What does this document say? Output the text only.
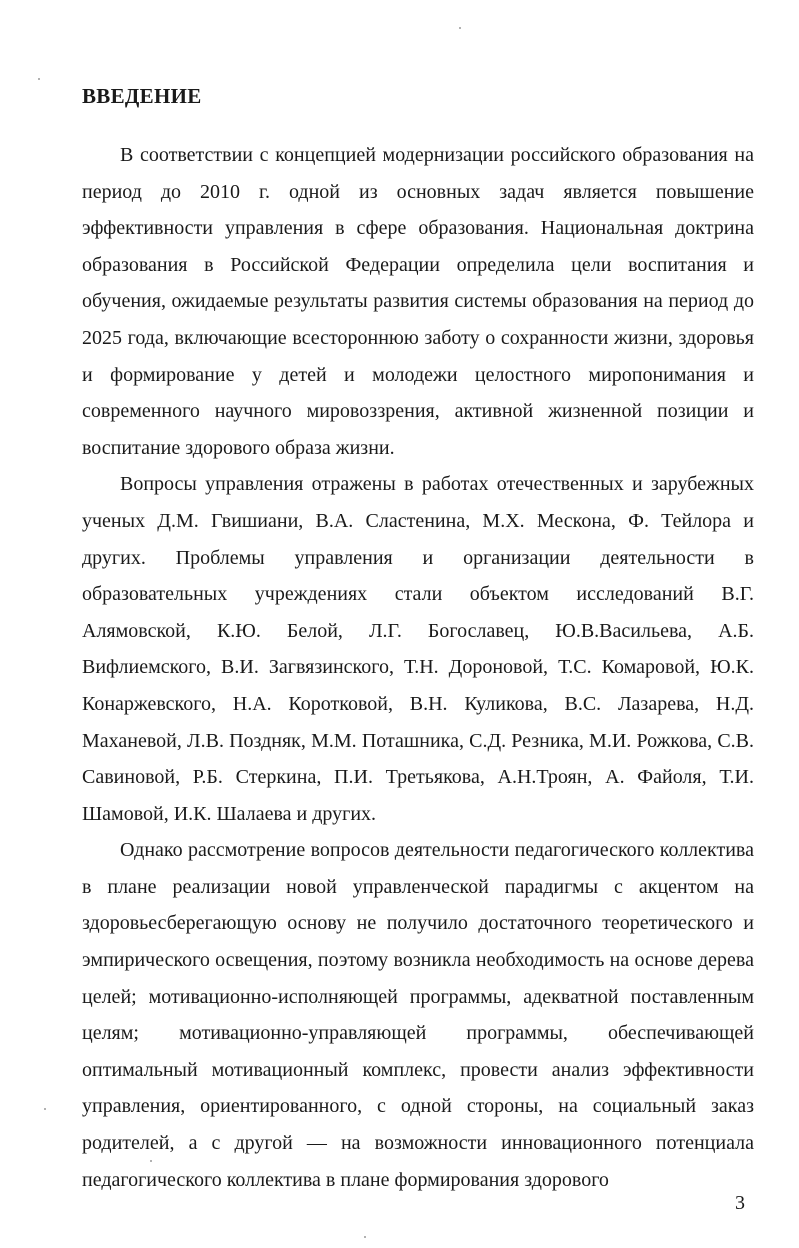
ВВЕДЕНИЕ

В соответствии с концепцией модернизации российского образования на период до 2010 г. одной из основных задач является повышение эффективности управления в сфере образования. Национальная доктрина образования в Российской Федерации определила цели воспитания и обучения, ожидаемые результаты развития системы образования на период до 2025 года, включающие всестороннюю заботу о сохранности жизни, здоровья и формирование у детей и молодежи целостного миропонимания и современного научного мировоззрения, активной жизненной позиции и воспитание здорового образа жизни.

Вопросы управления отражены в работах отечественных и зарубежных ученых Д.М. Гвишиани, В.А. Сластенина, М.Х. Мескона, Ф. Тейлора и других. Проблемы управления и организации деятельности в образовательных учреждениях стали объектом исследований В.Г. Алямовской, К.Ю. Белой, Л.Г. Богославец, Ю.В.Васильева, А.Б. Вифлиемского, В.И. Загвязинского, Т.Н. Дороновой, Т.С. Комаровой, Ю.К. Конаржевского, Н.А. Коротковой, В.Н. Куликова, В.С. Лазарева, Н.Д. Маханевой, Л.В. Поздняк, М.М. Поташника, С.Д. Резника, М.И. Рожкова, С.В. Савиновой, Р.Б. Стеркина, П.И. Третьякова, А.Н.Троян, А. Файоля, Т.И. Шамовой, И.К. Шалаева и других.

Однако рассмотрение вопросов деятельности педагогического коллектива в плане реализации новой управленческой парадигмы с акцентом на здоровьесберегающую основу не получило достаточного теоретического и эмпирического освещения, поэтому возникла необходимость на основе дерева целей; мотивационно-исполняющей программы, адекватной поставленным целям; мотивационно-управляющей программы, обеспечивающей оптимальный мотивационный комплекс, провести анализ эффективности управления, ориентированного, с одной стороны, на социальный заказ родителей, а с другой — на возможности инновационного потенциала педагогического коллектива в плане формирования здорового

3
